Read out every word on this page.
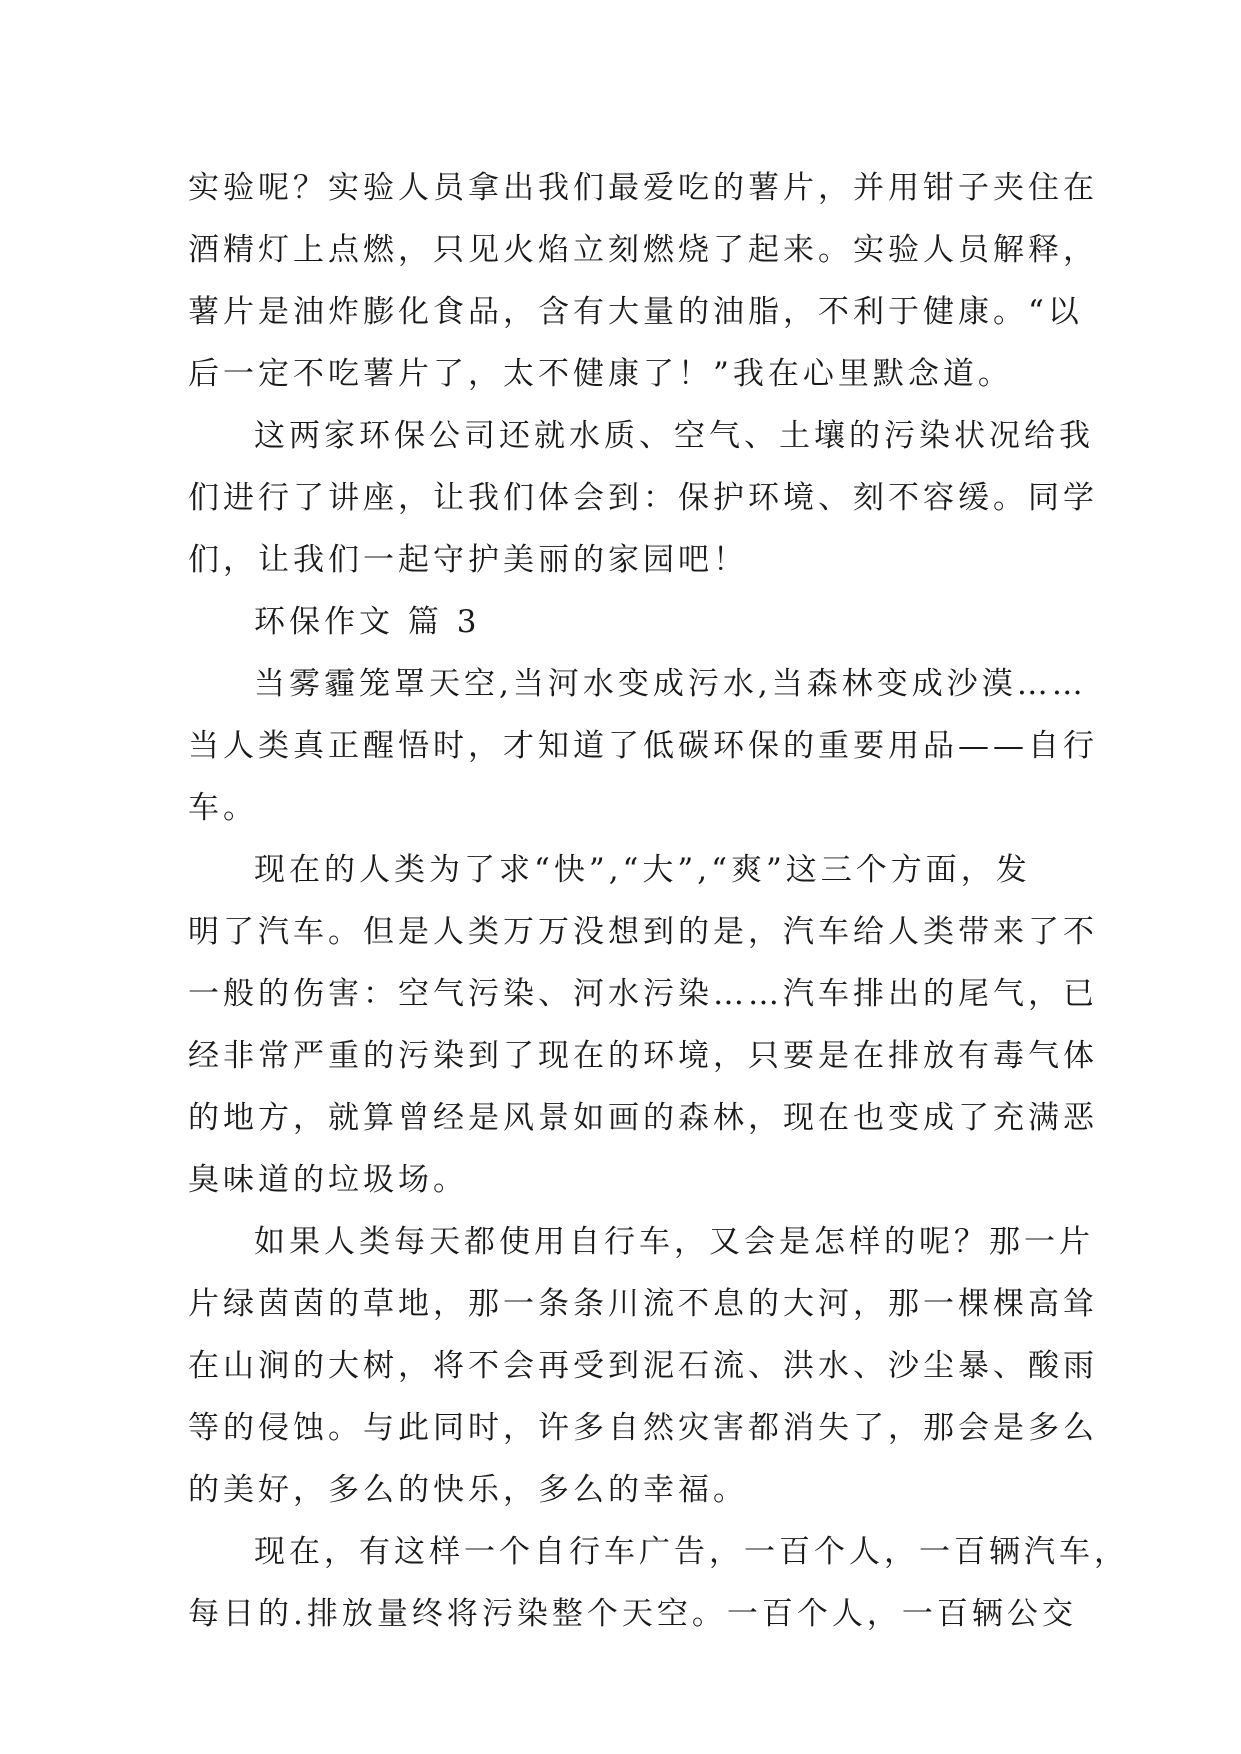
实验呢？实验人员拿出我们最爱吃的薯片，并用钳子夹住在
酒精灯上点燃，只见火焰立刻燃烧了起来。实验人员解释，
薯片是油炸膨化食品，含有大量的油脂，不利于健康。“以
后一定不吃薯片了，太不健康了！”我在心里默念道。
这两家环保公司还就水质、空气、土壤的污染状况给我
们进行了讲座，让我们体会到：保护环境、刻不容缓。同学
们，让我们一起守护美丽的家园吧！
环保作文 篇 3
当雾霾笼罩天空,当河水变成污水,当森林变成沙漠……
当人类真正醒悟时，才知道了低碳环保的重要用品——自行
车。
现在的人类为了求“快”,“大”,“爽”这三个方面，发
明了汽车。但是人类万万没想到的是，汽车给人类带来了不
一般的伤害：空气污染、河水污染……汽车排出的尾气，已
经非常严重的污染到了现在的环境，只要是在排放有毒气体
的地方，就算曾经是风景如画的森林，现在也变成了充满恶
臭味道的垃圾场。
如果人类每天都使用自行车，又会是怎样的呢？那一片
片绿茵茵的草地，那一条条川流不息的大河，那一棵棵高耸
在山涧的大树，将不会再受到泥石流、洪水、沙尘暴、酸雨
等的侵蚀。与此同时，许多自然灾害都消失了，那会是多么
的美好，多么的快乐，多么的幸福。
现在，有这样一个自行车广告，一百个人，一百辆汽车，
每日的.排放量终将污染整个天空。一百个人，一百辆公交
